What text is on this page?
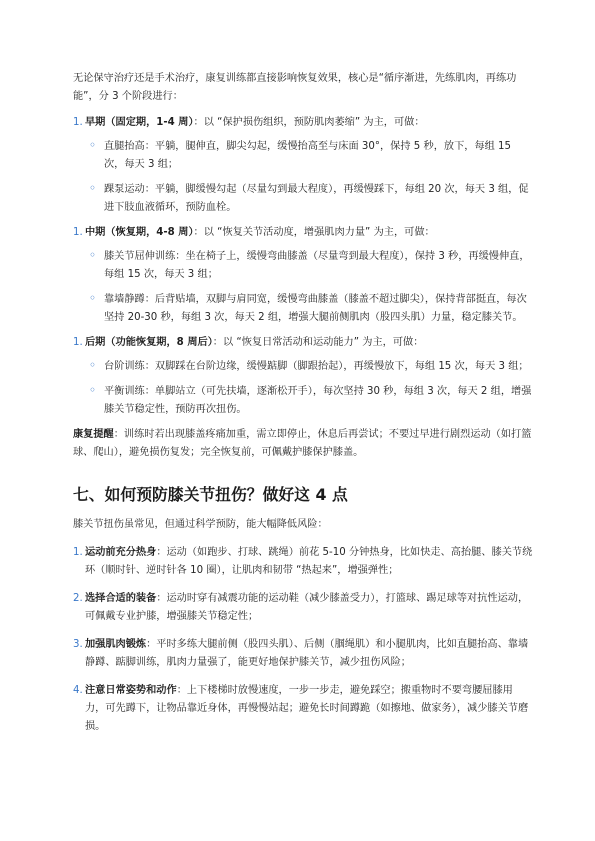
无论保守治疗还是手术治疗，康复训练都直接影响恢复效果，核心是“循序渐进，先练肌肉，再练功能”，分 3 个阶段进行：

1. 早期（固定期，1-4 周）：以 “保护损伤组织，预防肌肉萎缩” 为主，可做：
◦ 直腿抬高：平躺，腿伸直，脚尖勾起，缓慢抬高至与床面 30°，保持 5 秒，放下，每组 15 次，每天 3 组；
◦ 踝泵运动：平躺，脚缓慢勾起（尽量勾到最大程度），再缓慢踩下，每组 20 次，每天 3 组，促进下肢血液循环，预防血栓。
1. 中期（恢复期，4-8 周）：以 “恢复关节活动度，增强肌肉力量” 为主，可做：
◦ 膝关节屈伸训练：坐在椅子上，缓慢弯曲膝盖（尽量弯到最大程度），保持 3 秒，再缓慢伸直，每组 15 次，每天 3 组；
◦ 靠墙静蹲：后背贴墙，双脚与肩同宽，缓慢弯曲膝盖（膝盖不超过脚尖），保持背部挺直，每次坚持 20-30 秒，每组 3 次，每天 2 组，增强大腿前侧肌肉（股四头肌）力量，稳定膝关节。
1. 后期（功能恢复期，8 周后）：以 “恢复日常活动和运动能力” 为主，可做：
◦ 台阶训练：双脚踩在台阶边缘，缓慢踮脚（脚跟抬起），再缓慢放下，每组 15 次，每天 3 组；
◦ 平衡训练：单脚站立（可先扶墙，逐渐松开手），每次坚持 30 秒，每组 3 次，每天 2 组，增强膝关节稳定性，预防再次扭伤。

康复提醒：训练时若出现膝盖疼痛加重，需立即停止，休息后再尝试；不要过早进行剧烈运动（如打篮球、爬山），避免损伤复发；完全恢复前，可佩戴护膝保护膝盖。

七、如何预防膝关节扭伤？做好这 4 点

膝关节扭伤虽常见，但通过科学预防，能大幅降低风险：

1. 运动前充分热身：运动（如跑步、打球、跳绳）前花 5-10 分钟热身，比如快走、高抬腿、膝关节绕环（顺时针、逆时针各 10 圈），让肌肉和韧带 “热起来”，增强弹性；
2. 选择合适的装备：运动时穿有减震功能的运动鞋（减少膝盖受力），打篮球、踢足球等对抗性运动，可佩戴专业护膝，增强膝关节稳定性；
3. 加强肌肉锻炼：平时多练大腿前侧（股四头肌）、后侧（腘绳肌）和小腿肌肉，比如直腿抬高、靠墙静蹲、踮脚训练，肌肉力量强了，能更好地保护膝关节，减少扭伤风险；
4. 注意日常姿势和动作：上下楼梯时放慢速度，一步一步走，避免踩空；搬重物时不要弯腰屈膝用力，可先蹲下，让物品靠近身体，再慢慢站起；避免长时间蹲跪（如擦地、做家务），减少膝关节磨损。
